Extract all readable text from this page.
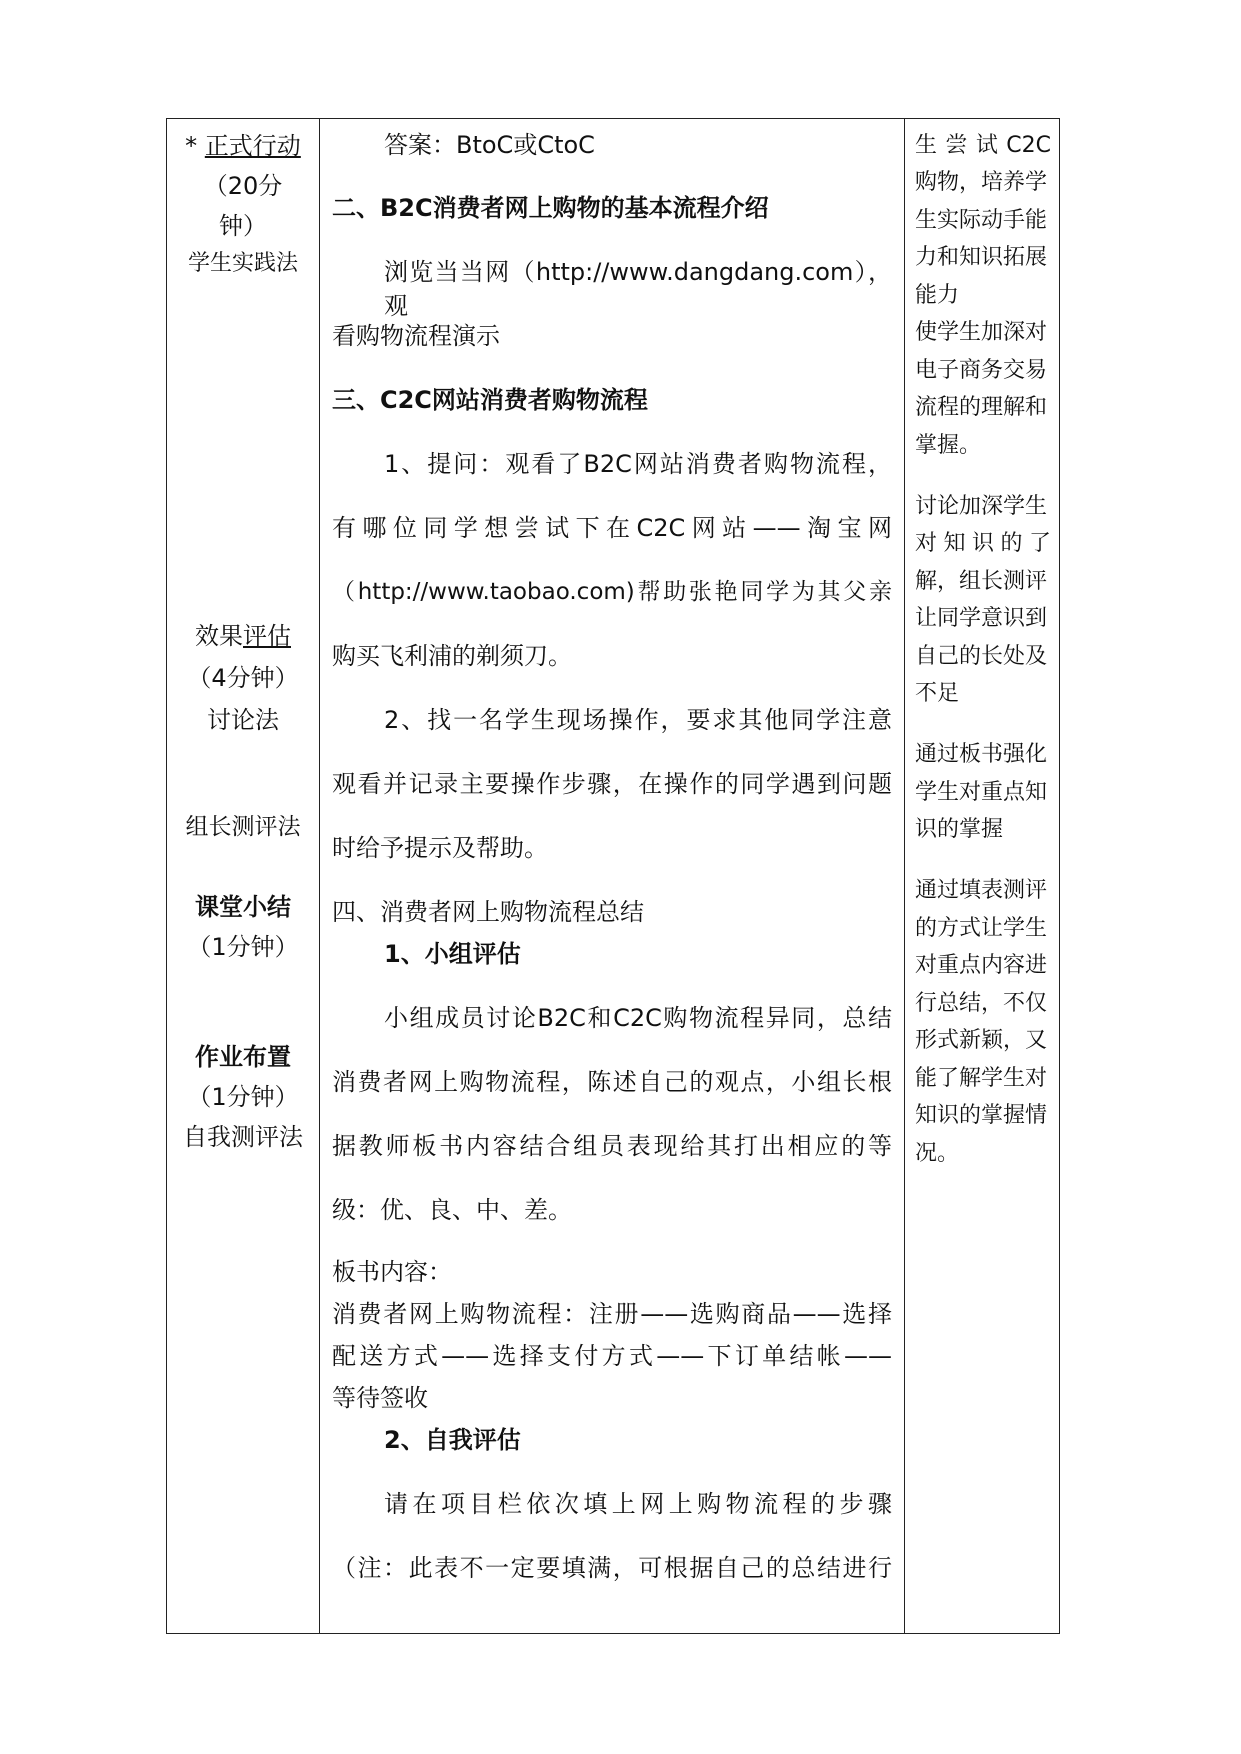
* 正式行动
（20分
钟）
学生实践法
效果评估
（4分钟）
讨论法
组长测评法
课堂小结
（1分钟）
作业布置
（1分钟）
自我测评法
答案：BtoC或CtoC
二、B2C消费者网上购物的基本流程介绍
浏览当当网（http://www.dangdang.com），观
看购物流程演示
三、C2C网站消费者购物流程
1、提问：观看了B2C网站消费者购物流程，
有哪位同学想尝试下在C2C网站——淘宝网
（http://www.taobao.com)帮助张艳同学为其父亲
购买飞利浦的剃须刀。
2、找一名学生现场操作，要求其他同学注意
观看并记录主要操作步骤，在操作的同学遇到问题
时给予提示及帮助。
四、消费者网上购物流程总结
1、小组评估
小组成员讨论B2C和C2C购物流程异同，总结
消费者网上购物流程，陈述自己的观点，小组长根
据教师板书内容结合组员表现给其打出相应的等
级：优、良、中、差。
板书内容：
消费者网上购物流程：注册——选购商品——选择
配送方式——选择支付方式——下订单结帐——
等待签收
2、自我评估
请在项目栏依次填上网上购物流程的步骤
（注：此表不一定要填满，可根据自己的总结进行
生尝试C2C
购物，培养学
生实际动手能
力和知识拓展
能力
使学生加深对
电子商务交易
流程的理解和
掌握。
讨论加深学生
对知识的了
解，组长测评
让同学意识到
自己的长处及
不足
通过板书强化
学生对重点知
识的掌握
通过填表测评
的方式让学生
对重点内容进
行总结，不仅
形式新颖，又
能了解学生对
知识的掌握情
况。
